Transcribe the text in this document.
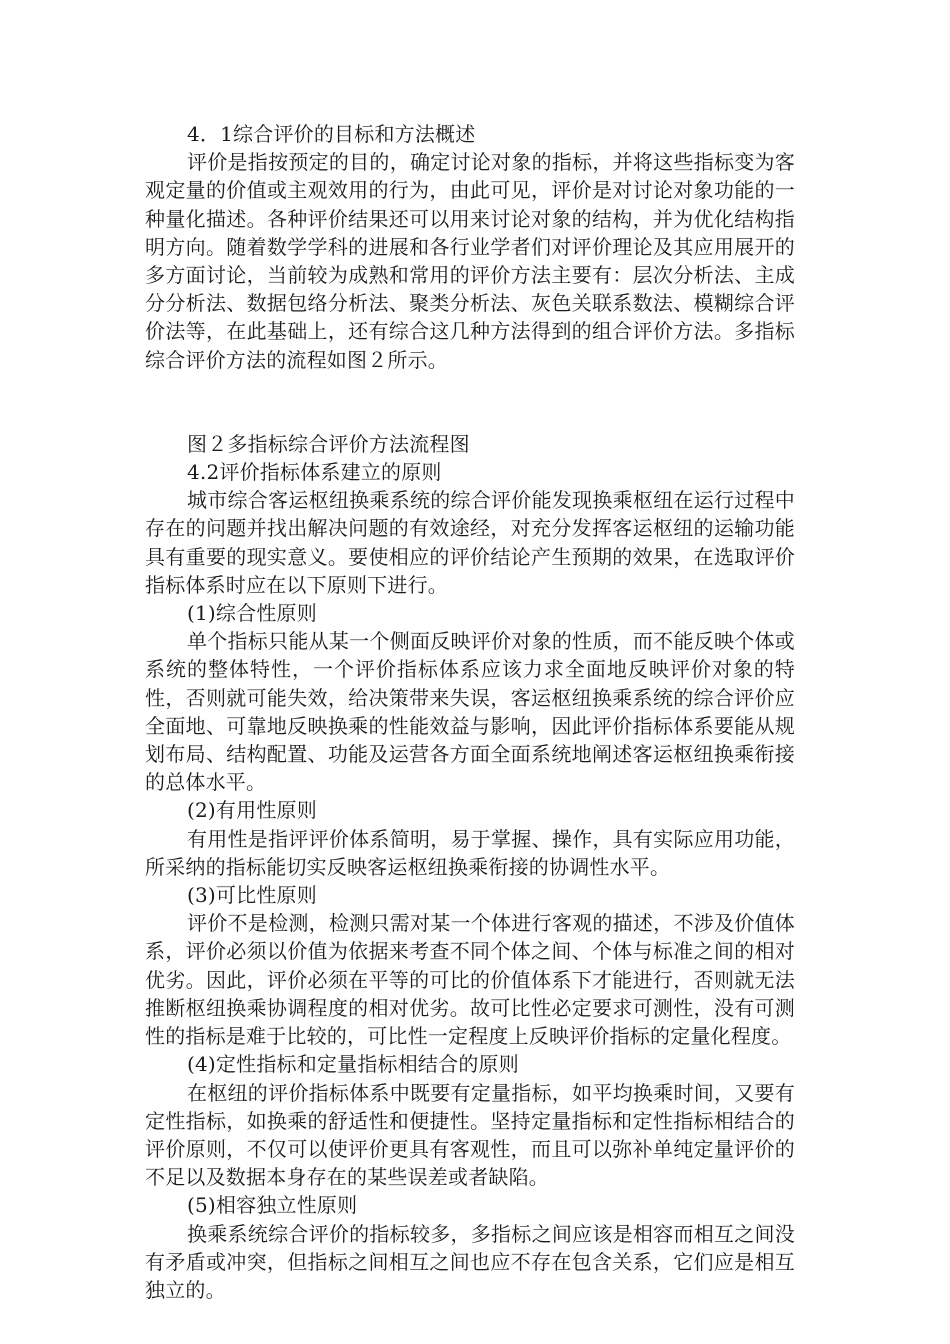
4．1综合评价的目标和方法概述

评价是指按预定的目的，确定讨论对象的指标，并将这些指标变为客观定量的价值或主观效用的行为，由此可见，评价是对讨论对象功能的一种量化描述。各种评价结果还可以用来讨论对象的结构，并为优化结构指明方向。随着数学学科的进展和各行业学者们对评价理论及其应用展开的多方面讨论，当前较为成熟和常用的评价方法主要有：层次分析法、主成分分析法、数据包络分析法、聚类分析法、灰色关联系数法、模糊综合评价法等，在此基础上，还有综合这几种方法得到的组合评价方法。多指标综合评价方法的流程如图２所示。

图２多指标综合评价方法流程图

4.2评价指标体系建立的原则

城市综合客运枢纽换乘系统的综合评价能发现换乘枢纽在运行过程中存在的问题并找出解决问题的有效途经，对充分发挥客运枢纽的运输功能具有重要的现实意义。要使相应的评价结论产生预期的效果，在选取评价指标体系时应在以下原则下进行。

(1)综合性原则

单个指标只能从某一个侧面反映评价对象的性质，而不能反映个体或系统的整体特性，一个评价指标体系应该力求全面地反映评价对象的特性，否则就可能失效，给决策带来失误，客运枢纽换乘系统的综合评价应全面地、可靠地反映换乘的性能效益与影响，因此评价指标体系要能从规划布局、结构配置、功能及运营各方面全面系统地阐述客运枢纽换乘衔接的总体水平。

(2)有用性原则

有用性是指评评价体系简明，易于掌握、操作，具有实际应用功能，所采纳的指标能切实反映客运枢纽换乘衔接的协调性水平。

(3)可比性原则

评价不是检测，检测只需对某一个体进行客观的描述，不涉及价值体系，评价必须以价值为依据来考查不同个体之间、个体与标准之间的相对优劣。因此，评价必须在平等的可比的价值体系下才能进行，否则就无法推断枢纽换乘协调程度的相对优劣。故可比性必定要求可测性，没有可测性的指标是难于比较的，可比性一定程度上反映评价指标的定量化程度。

(4)定性指标和定量指标相结合的原则

在枢纽的评价指标体系中既要有定量指标，如平均换乘时间，又要有定性指标，如换乘的舒适性和便捷性。坚持定量指标和定性指标相结合的评价原则，不仅可以使评价更具有客观性，而且可以弥补单纯定量评价的不足以及数据本身存在的某些误差或者缺陷。

(5)相容独立性原则

换乘系统综合评价的指标较多，多指标之间应该是相容而相互之间没有矛盾或冲突，但指标之间相互之间也应不存在包含关系，它们应是相互独立的。
